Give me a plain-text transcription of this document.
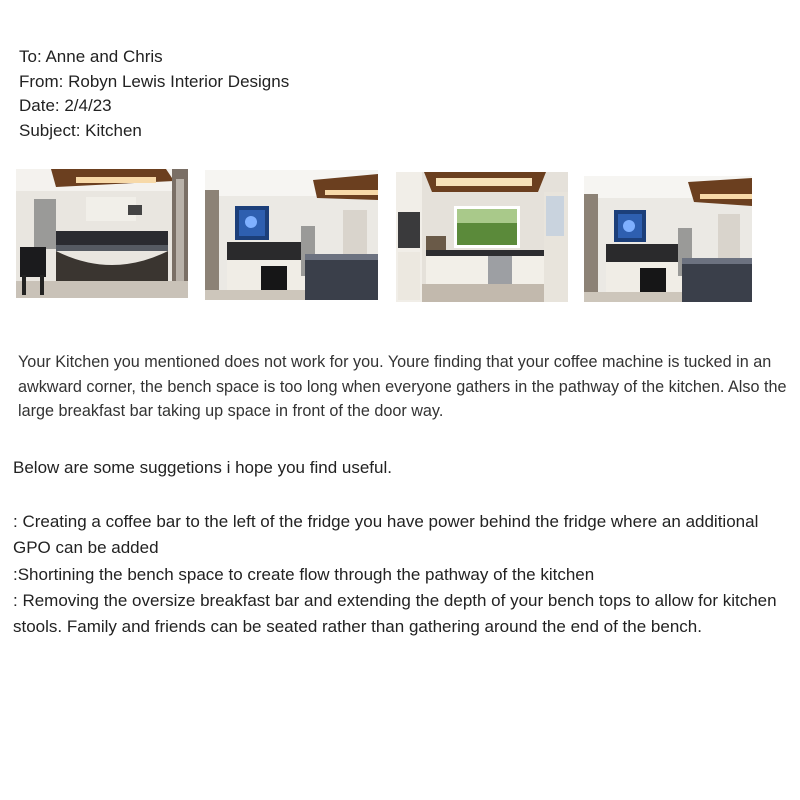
To: Anne and Chris
From: Robyn Lewis Interior Designs
Date: 2/4/23
Subject: Kitchen
Your Kitchen you mentioned does not work for you. Youre finding that your coffee machine is tucked in an awkward corner, the bench space is too long when everyone gathers in the pathway of the kitchen. Also the large breakfast bar taking up space in front of the door way.
Below are some suggetions i hope you find useful.

: Creating a coffee bar to the left of the fridge you have power behind the fridge where an additional GPO can be added

:Shortining the bench space to create flow through the pathway of the kitchen

: Removing the oversize breakfast bar and extending the depth of your bench tops to allow for kitchen stools. Family and friends can be seated rather than gathering around the end of the bench.
